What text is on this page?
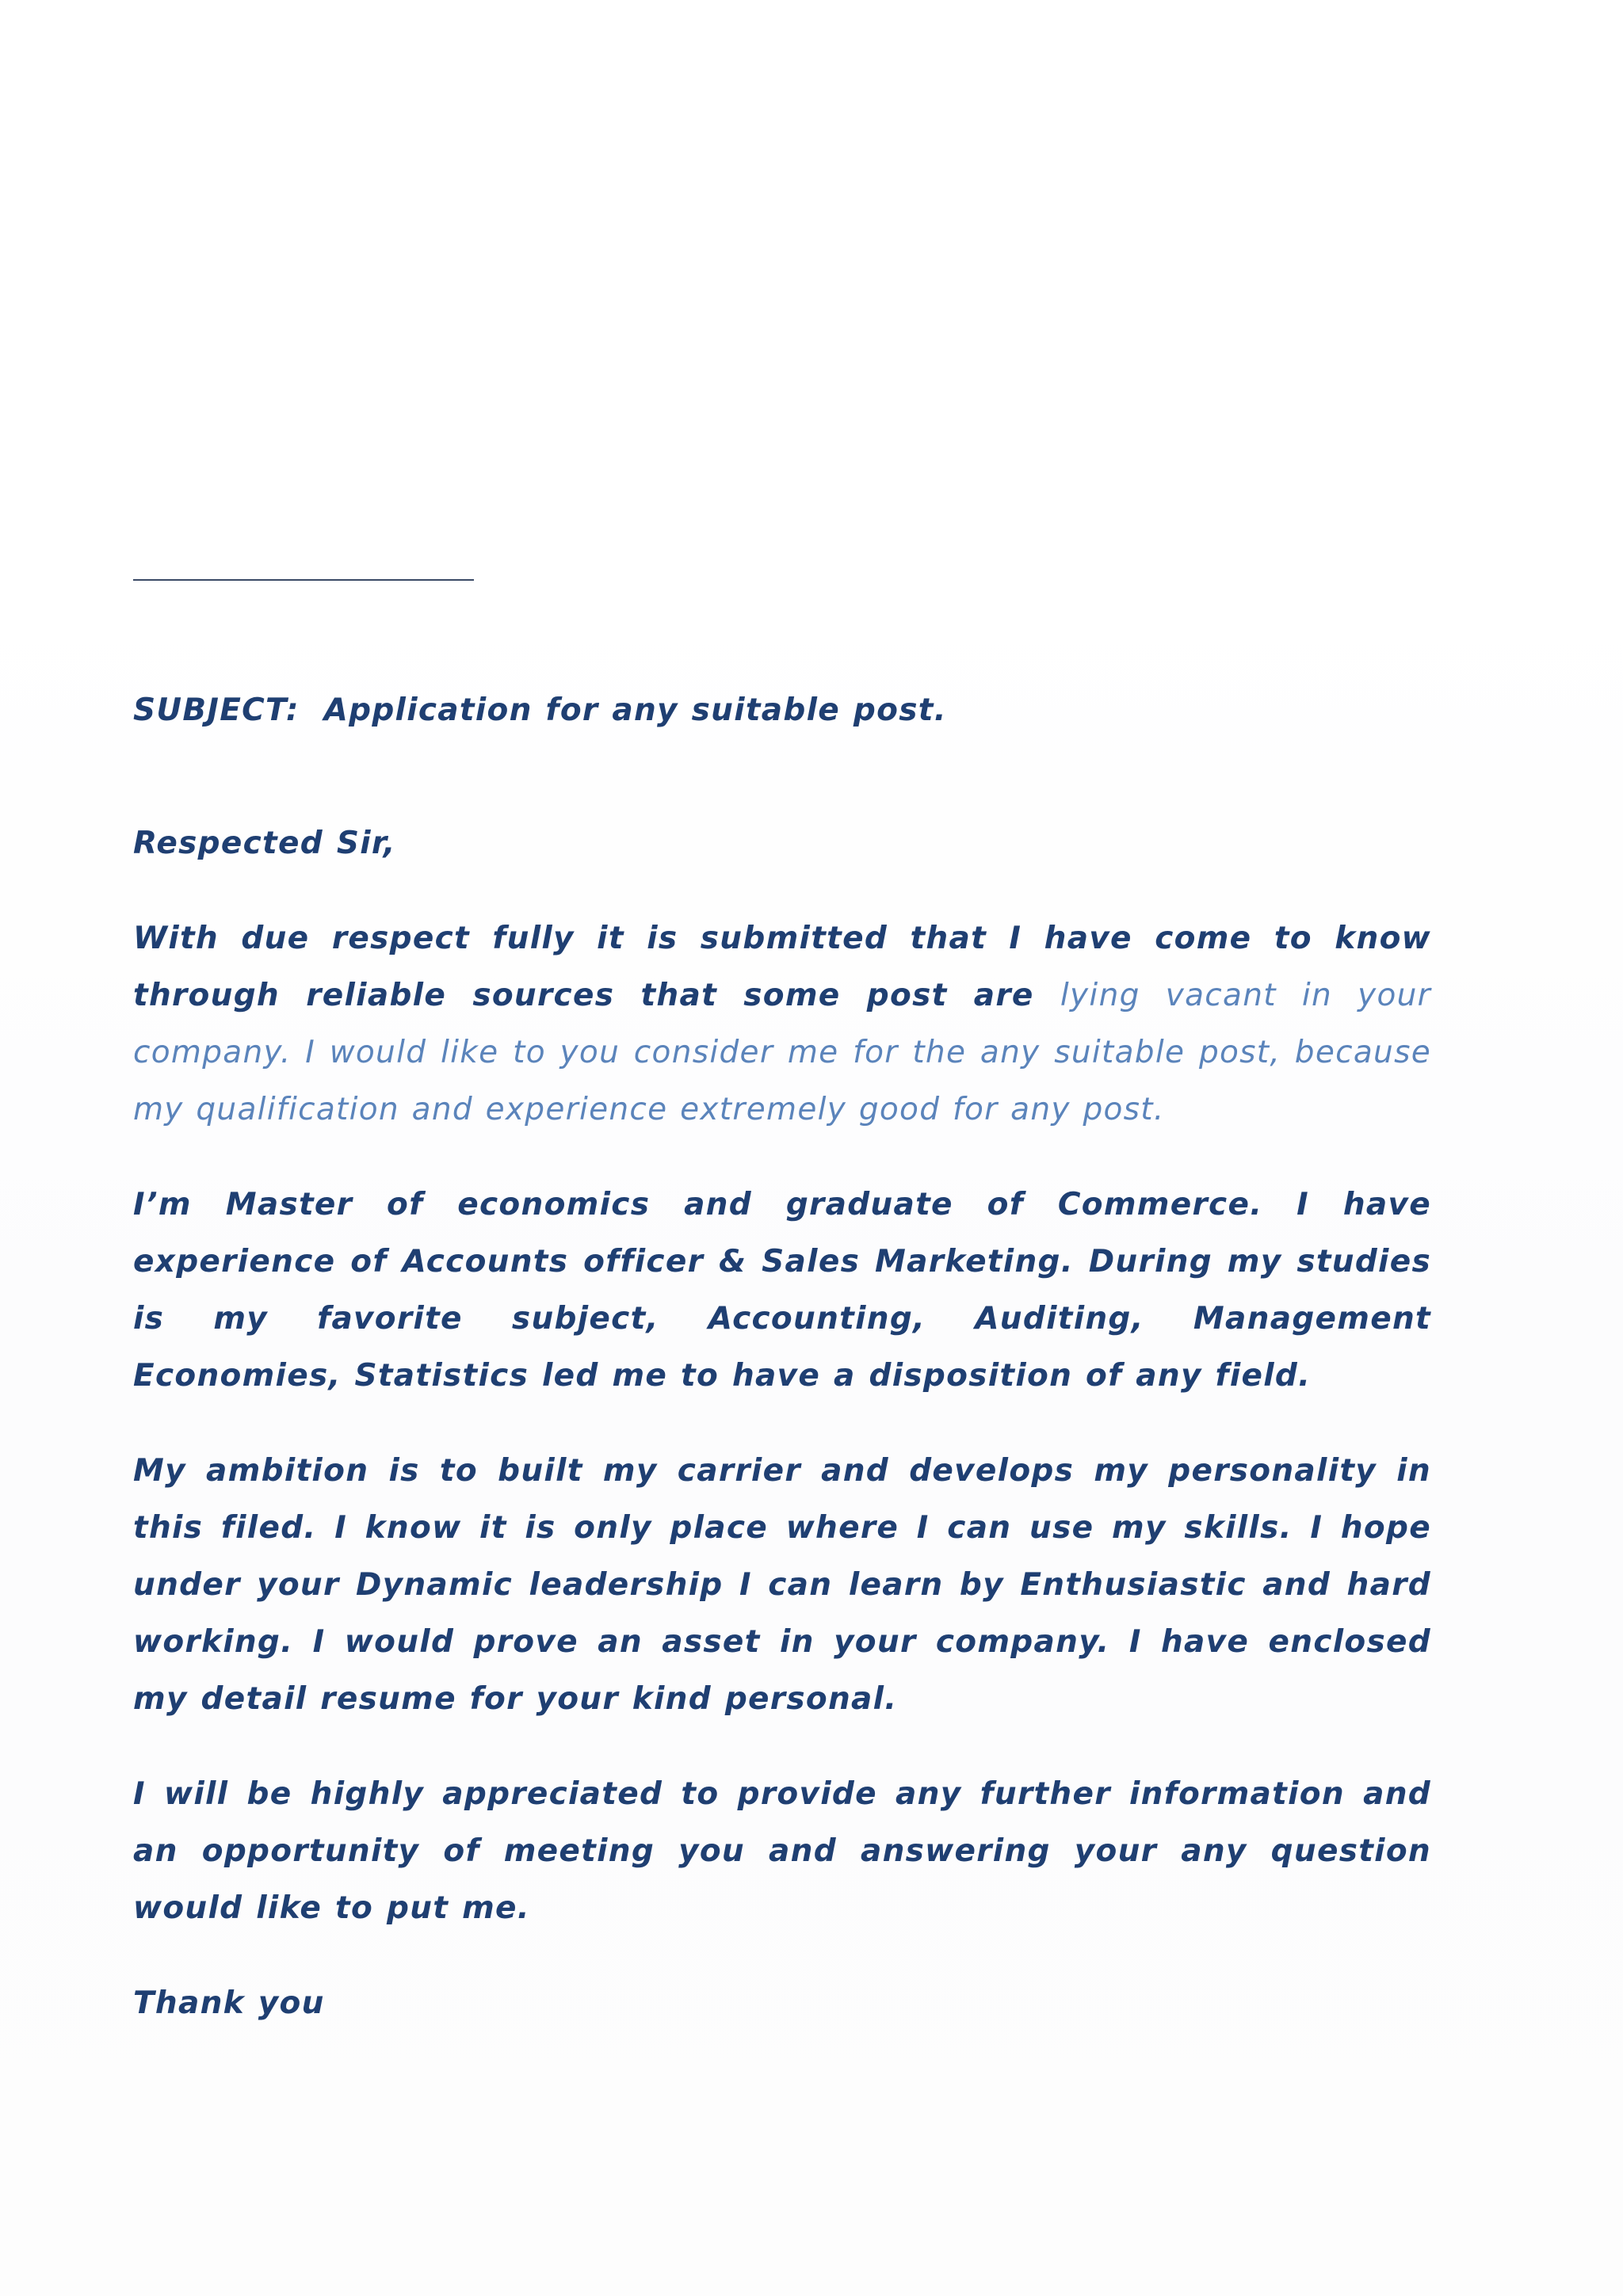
SUBJECT: Application for any suitable post.
Respected Sir,
With due respect fully it is submitted that I have come to know through reliable sources that some post are lying vacant in your company. I would like to you consider me for the any suitable post, because my qualification and experience extremely good for any post.
I’m Master of economics and graduate of Commerce. I have experience of Accounts officer & Sales Marketing. During my studies is my favorite subject, Accounting, Auditing, Management Economies, Statistics led me to have a disposition of any field.
My ambition is to built my carrier and develops my personality in this filed. I know it is only place where I can use my skills. I hope under your Dynamic leadership I can learn by Enthusiastic and hard working. I would prove an asset in your company. I have enclosed my detail resume for your kind personal.
I will be highly appreciated to provide any further information and an opportunity of meeting you and answering your any question would like to put me.
Thank you
